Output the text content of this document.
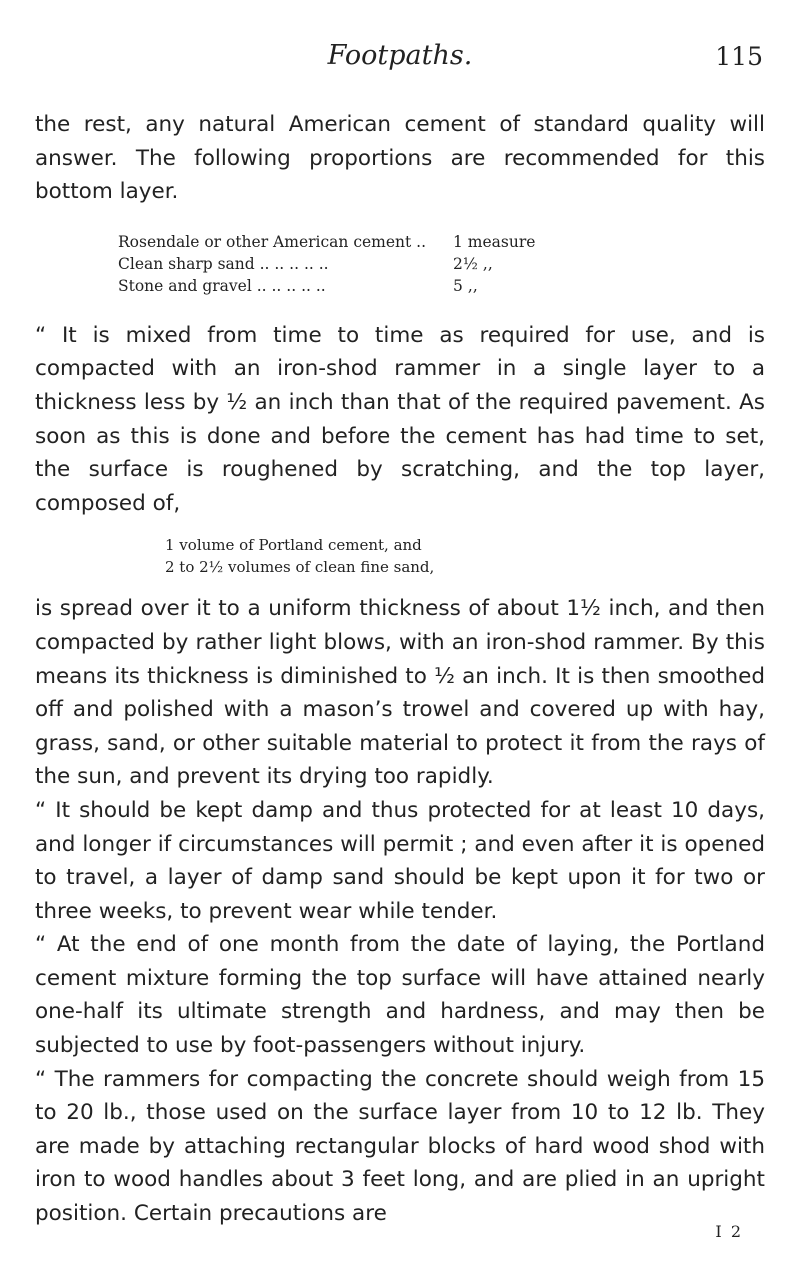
Footpaths.	115

the rest, any natural American cement of standard quality will answer. The following proportions are recommended for this bottom layer.

Rosendale or other American cement ..	1 measure
Clean sharp sand .. .. .. .. ..	2½ ‚‚
Stone and gravel .. .. .. .. ..	5 ‚‚

“ It is mixed from time to time as required for use, and is compacted with an iron-shod rammer in a single layer to a thickness less by ½ an inch than that of the required pavement. As soon as this is done and before the cement has had time to set, the surface is roughened by scratching, and the top layer, composed of,

1 volume of Portland cement, and
2 to 2½ volumes of clean fine sand,

is spread over it to a uniform thickness of about 1½ inch, and then compacted by rather light blows, with an iron-shod rammer. By this means its thickness is diminished to ½ an inch. It is then smoothed off and polished with a mason’s trowel and covered up with hay, grass, sand, or other suitable material to protect it from the rays of the sun, and prevent its drying too rapidly.

“ It should be kept damp and thus protected for at least 10 days, and longer if circumstances will permit ; and even after it is opened to travel, a layer of damp sand should be kept upon it for two or three weeks, to prevent wear while tender.

“ At the end of one month from the date of laying, the Portland cement mixture forming the top surface will have attained nearly one-half its ultimate strength and hardness, and may then be subjected to use by foot-passengers without injury.

“ The rammers for compacting the concrete should weigh from 15 to 20 lb., those used on the surface layer from 10 to 12 lb. They are made by attaching rectangular blocks of hard wood shod with iron to wood handles about 3 feet long, and are plied in an upright position. Certain precautions are

I 2
